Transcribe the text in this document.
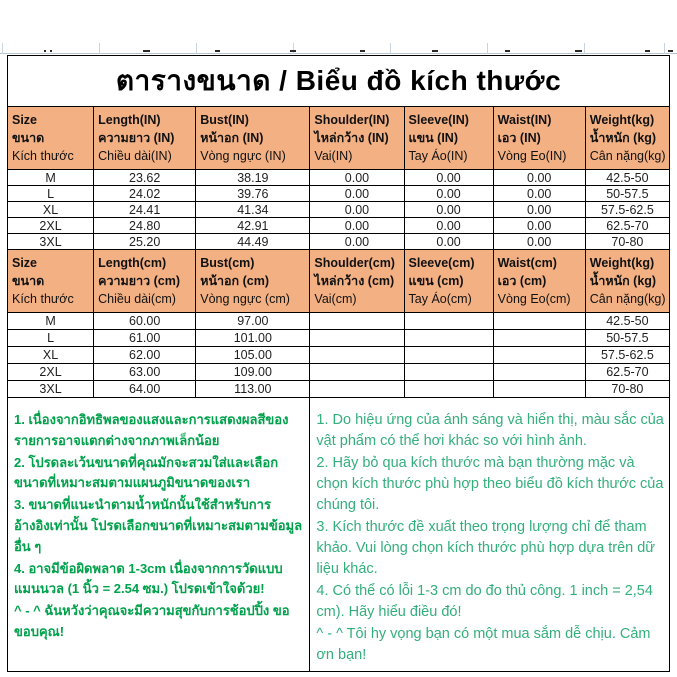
ตารางขนาด / Biểu đồ kích thước						

Size
ขนาด
Kích thước

Length(IN)
ความยาว (IN)
Chiều dài(IN)

Bust(IN)
หน้าอก (IN)
Vòng ngực (IN)

Shoulder(IN)
ไหล่กว้าง (IN)
Vai(IN)

Sleeve(IN)
แขน (IN)
Tay Áo(IN)

Waist(IN)
เอว (IN)
Vòng Eo(IN)

Weight(kg)
น้ำหนัก (kg)
Cân nặng(kg)

M	23.62	38.19	0.00	0.00	0.00	42.5-50
L	24.02	39.76	0.00	0.00	0.00	50-57.5
XL	24.41	41.34	0.00	0.00	0.00	57.5-62.5
2XL	24.80	42.91	0.00	0.00	0.00	62.5-70
3XL	25.20	44.49	0.00	0.00	0.00	70-80

Size
ขนาด
Kích thước

Length(cm)
ความยาว (cm)
Chiều dài(cm)

Bust(cm)
หน้าอก (cm)
Vòng ngực (cm)

Shoulder(cm)
ไหล่กว้าง (cm)
Vai(cm)

Sleeve(cm)
แขน (cm)
Tay Áo(cm)

Waist(cm)
เอว (cm)
Vòng Eo(cm)

Weight(kg)
น้ำหนัก (kg)
Cân nặng(kg)

M	60.00	97.00				42.5-50
L	61.00	101.00				50-57.5
XL	62.00	105.00				57.5-62.5
2XL	63.00	109.00				62.5-70
3XL	64.00	113.00				70-80

1. เนื่องจากอิทธิพลของแสงและการแสดงผลสีของรายการอาจแตกต่างจากภาพเล็กน้อย
2. โปรดละเว้นขนาดที่คุณมักจะสวมใส่และเลือกขนาดที่เหมาะสมตามแผนภูมิขนาดของเรา
3. ขนาดที่แนะนำตามน้ำหนักนั้นใช้สำหรับการอ้างอิงเท่านั้น โปรดเลือกขนาดที่เหมาะสมตามข้อมูลอื่น ๆ
4. อาจมีข้อผิดพลาด 1-3cm เนื่องจากการวัดแบบแมนนวล (1 นิ้ว = 2.54 ซม.) โปรดเข้าใจด้วย!
^ - ^ ฉันหวังว่าคุณจะมีความสุขกับการช้อปปิ้ง ขอขอบคุณ!

1. Do hiệu ứng của ánh sáng và hiển thị, màu sắc của vật phẩm có thể hơi khác so với hình ảnh.
2. Hãy bỏ qua kích thước mà bạn thường mặc và chọn kích thước phù hợp theo biểu đồ kích thước của chúng tôi.
3. Kích thước đề xuất theo trọng lượng chỉ để tham khảo. Vui lòng chọn kích thước phù hợp dựa trên dữ liệu khác.
4. Có thể có lỗi 1-3 cm do đo thủ công. 1 inch = 2,54 cm). Hãy hiểu điều đó!
^ - ^ Tôi hy vọng bạn có một mua sắm dễ chịu. Cảm ơn bạn!
